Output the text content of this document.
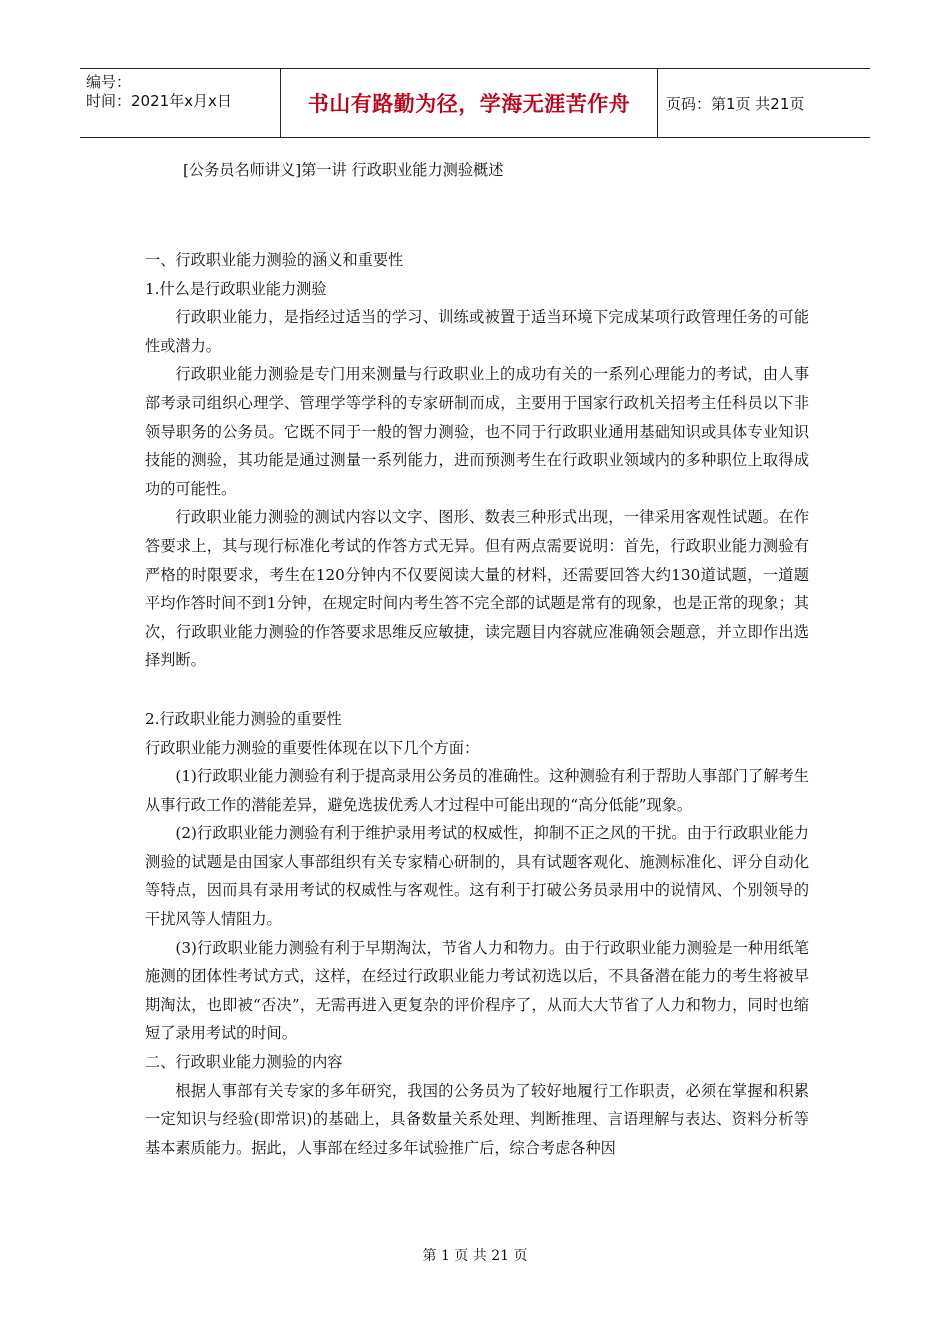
编号：
时间：2021年x月x日	书山有路勤为径，学海无涯苦作舟 页码：第1页 共21页
[公务员名师讲义]第一讲 行政职业能力测验概述

一、行政职业能力测验的涵义和重要性

1.什么是行政职业能力测验

行政职业能力，是指经过适当的学习、训练或被置于适当环境下完成某项行政管理任务的可能性或潜力。

行政职业能力测验是专门用来测量与行政职业上的成功有关的一系列心理能力的考试，由人事部考录司组织心理学、管理学等学科的专家研制而成，主要用于国家行政机关招考主任科员以下非领导职务的公务员。它既不同于一般的智力测验，也不同于行政职业通用基础知识或具体专业知识技能的测验，其功能是通过测量一系列能力，进而预测考生在行政职业领域内的多种职位上取得成功的可能性。

行政职业能力测验的测试内容以文字、图形、数表三种形式出现，一律采用客观性试题。在作答要求上，其与现行标准化考试的作答方式无异。但有两点需要说明：首先，行政职业能力测验有严格的时限要求，考生在120分钟内不仅要阅读大量的材料，还需要回答大约130道试题，一道题平均作答时间不到1分钟，在规定时间内考生答不完全部的试题是常有的现象，也是正常的现象；其次，行政职业能力测验的作答要求思维反应敏捷，读完题目内容就应准确领会题意，并立即作出选择判断。

2.行政职业能力测验的重要性

行政职业能力测验的重要性体现在以下几个方面：

(1)行政职业能力测验有利于提高录用公务员的准确性。这种测验有利于帮助人事部门了解考生从事行政工作的潜能差异，避免选拔优秀人才过程中可能出现的“高分低能”现象。

(2)行政职业能力测验有利于维护录用考试的权威性，抑制不正之风的干扰。由于行政职业能力测验的试题是由国家人事部组织有关专家精心研制的，具有试题客观化、施测标准化、评分自动化等特点，因而具有录用考试的权威性与客观性。这有利于打破公务员录用中的说情风、个别领导的干扰风等人情阻力。

(3)行政职业能力测验有利于早期淘汰，节省人力和物力。由于行政职业能力测验是一种用纸笔施测的团体性考试方式，这样，在经过行政职业能力考试初选以后，不具备潜在能力的考生将被早期淘汰，也即被“否决”，无需再进入更复杂的评价程序了，从而大大节省了人力和物力，同时也缩短了录用考试的时间。

二、行政职业能力测验的内容

根据人事部有关专家的多年研究，我国的公务员为了较好地履行工作职责，必须在掌握和积累一定知识与经验(即常识)的基础上，具备数量关系处理、判断推理、言语理解与表达、资料分析等基本素质能力。据此，人事部在经过多年试验推广后，综合考虑各种因

第 1 页 共 21 页
